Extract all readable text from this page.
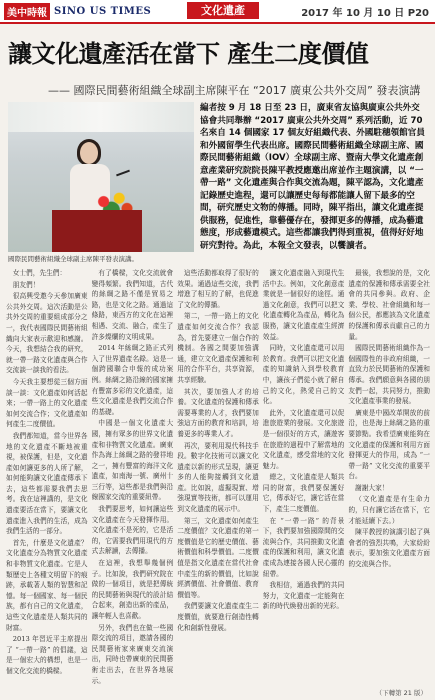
美中時報 SINO US TIMES	文化遺產	2017 年 10 月 10 日 P20
讓文化遺產活在當下 產生二度價值
—— 國際民間藝術組織全球副主席陳平在 “2017 廣東公共外交周” 發表演講
國際民間藝術組織全球副主席陳平發表演講。

編者按 9 月 18 日至 23 日，廣東省友協與廣東公共外交協會共同舉辦 “2017 廣東公共外交周” 系列活動，近 70 名來自 14 個國家 17 個友好組織代表、外國駐穗領館官員和外國留學生代表出席。國際民間藝術組織全球副主席、國際民間藝術組織（IOV）全球副主席、暨南大學文化遺產創意產業研究院院長陳平教授應邀出席並作主題演講，以 “一帶一路” 文化遺產與合作與交流為題，陳平認為，文化遺產記錄歷史進程，還可以讓歷史每每都能讓人留下最多的空間，研究歷史文物的傳播。同時，陳平指出，讓文化遺產提供服務，促進性，靠藝優存在，發揮更多的傳播，成為藝遺態度，形成藝遺模式。這些都讓我們得到重視，值得好好地研究對待。為此，本報全文發表，以饗讀者。

女士們，先生們：

朋友們！

很高興受邀今天參加廣東公共外交周。這次活動是公共外交周的重要組成部分之一，我代表國際民間藝術組織向大家表示歡迎和感謝。今天，我想結合我的研究，就一帶一路文化遺產與合作交流談一談我的看法。

今天我主要想從三個方面談一談：文化遺產如何活起來；一帶一路上的文化遺產如何交流合作；文化遺產如何產生二度價值。

我們都知道，當今世界各地的文化遺產不斷地被重視，被保護，但是，文化遺產如何讓更多的人所了解，如何能夠讓文化遺產傳承下去，這些都需要我們去思考。我在這裡講的，是文化遺產要活在當下，要讓文化遺產進入我們的生活，成為我們生活的一部分。

首先，什麼是文化遺產？文化遺產分為物質文化遺產和非物質文化遺產。它是人類歷史上各種文明留下的痕跡，承載著人類的智慧和記憶。每一個國家、每一個民族，都有自己的文化遺產，這些文化遺產是人類共同的財富。

2013 年習近平主席提出了 “一帶一路” 的倡議，這是一個宏大的構想，也是一個文化交流的橋樑。

有了橋樑，文化交流就會變得頻繁。我們知道，古代的絲綢之路不僅是貿易之路，也是文化之路。通過這條路，東西方的文化在這裡相遇、交流、融合，產生了許多燦爛的文明成果。

2014 年絲綢之路正式列入了世界遺產名錄。這是一個跨國聯合申報的成功案例。絲綢之路沿線的國家擁有豐富多彩的文化遺產，這些文化遺產是我們交流合作的基礎。

中國是一個文化遺產大國，擁有眾多的世界文化遺產和非物質文化遺產。廣東作為海上絲綢之路的發祥地之一，擁有豐富的海洋文化遺產，如南海一號、廣州十三行等，這些都是我們與沿線國家交流的重要紐帶。

我們要思考，如何讓這些文化遺產在今天發揮作用。文化遺產不是死的，它是活的，它需要我們用現代的方式去解讀，去傳播。

在這裡，我想舉幾個例子。比如說，我們研究院在做的一個項目，就是把傳統的民間藝術與現代的設計結合起來，創造出新的產品，讓年輕人也喜歡。

另外，我們也在做一些國際交流的項目，邀請各國的民間藝術家來廣東交流演出，同時也帶廣東的民間藝術走出去，在世界各地展示。

這些活動都取得了很好的效果。通過這些交流，我們增進了相互的了解，也促進了文化的傳播。

第二，一帶一路上的文化遺產如何交流合作？我認為，首先要建立一個合作的機制。各國之間要加強溝通，建立文化遺產保護和利用的合作平台，共享資源，共享經驗。

其次，要加強人才的培養。文化遺產的保護和傳承需要專業的人才，我們要加強這方面的教育和培訓，培養更多的專業人才。

再次，要利用現代科技手段。數字化技術可以讓文化遺產以新的形式呈現，讓更多的人能夠接觸到文化遺產。比如說，虛擬現實、增強現實等技術，都可以運用到文化遺產的展示中。

第三，文化遺產如何產生二度價值？文化遺產的第一度價值是它的歷史價值、藝術價值和科學價值。二度價值是指文化遺產在當代社會中產生的新的價值，比如說經濟價值、社會價值、教育價值等。

我們要讓文化遺產產生二度價值，就要進行創造性轉化和創新性發展。

讓文化遺產融入到現代生活中去。例如，文化創意產業就是一個很好的途徑。通過文化創意，我們可以把文化遺產轉化為產品，轉化為服務，讓文化遺產產生經濟效益。

同時，文化遺產還可以用於教育。我們可以把文化遺產的知識納入到學校教育中，讓孩子們從小就了解自己的文化，熱愛自己的文化。

此外，文化遺產還可以促進旅遊業的發展。文化旅遊是一個很好的方式，讓遊客在旅遊的過程中了解當地的文化遺產，感受當地的文化魅力。

總之，文化遺產是人類共同的財富，我們要保護好它，傳承好它，讓它活在當下，產生二度價值。

在 “一帶一路” 的背景下，我們要加強國際間的交流與合作，共同推動文化遺產的保護和利用，讓文化遺產成為連接各國人民心靈的紐帶。

我相信，通過我們的共同努力，文化遺產一定能夠在新的時代煥發出新的光彩。

最後，我想說的是，文化遺產的保護和傳承需要全社會的共同參與。政府、企業、學校、社會組織和每一個公民，都應該為文化遺產的保護和傳承貢獻自己的力量。

國際民間藝術組織作為一個國際性的非政府組織，一直致力於民間藝術的保護和傳承。我們願意與各國的朋友們一起，共同努力，推動文化遺產事業的發展。

廣東是中國改革開放的前沿，也是海上絲綢之路的重要節點。我希望廣東能夠在文化遺產的保護和利用方面發揮更大的作用，成為 “一帶一路” 文化交流的重要平台。

謝謝大家！

（文化遺產是有生命力的，只有讓它活在當下，它才能延續下去。）

陳平教授的演講引起了與會者的強烈共鳴，大家紛紛表示，要加強文化遺產方面的交流與合作。

（下轉第 21 版）
